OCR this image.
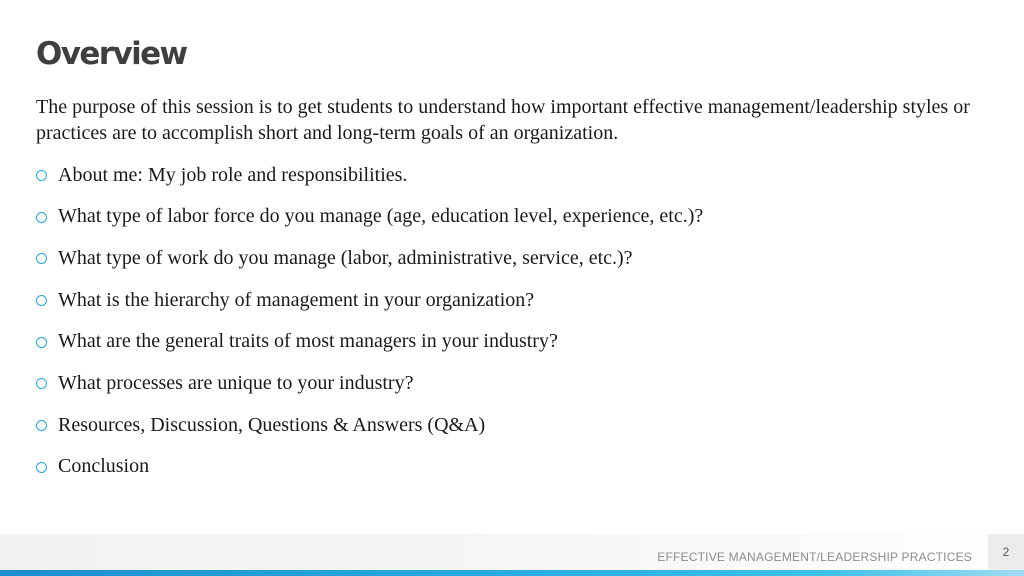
Overview

The purpose of this session is to get students to understand how important effective management/leadership styles or practices are to accomplish short and long-term goals of an organization.

About me: My job role and responsibilities.
What type of labor force do you manage (age, education level, experience, etc.)?
What type of work do you manage (labor, administrative, service, etc.)?
What is the hierarchy of management in your organization?
What are the general traits of most managers in your industry?
What processes are unique to your industry?
Resources, Discussion, Questions & Answers (Q&A)
Conclusion
EFFECTIVE MANAGEMENT/LEADERSHIP PRACTICES	2
